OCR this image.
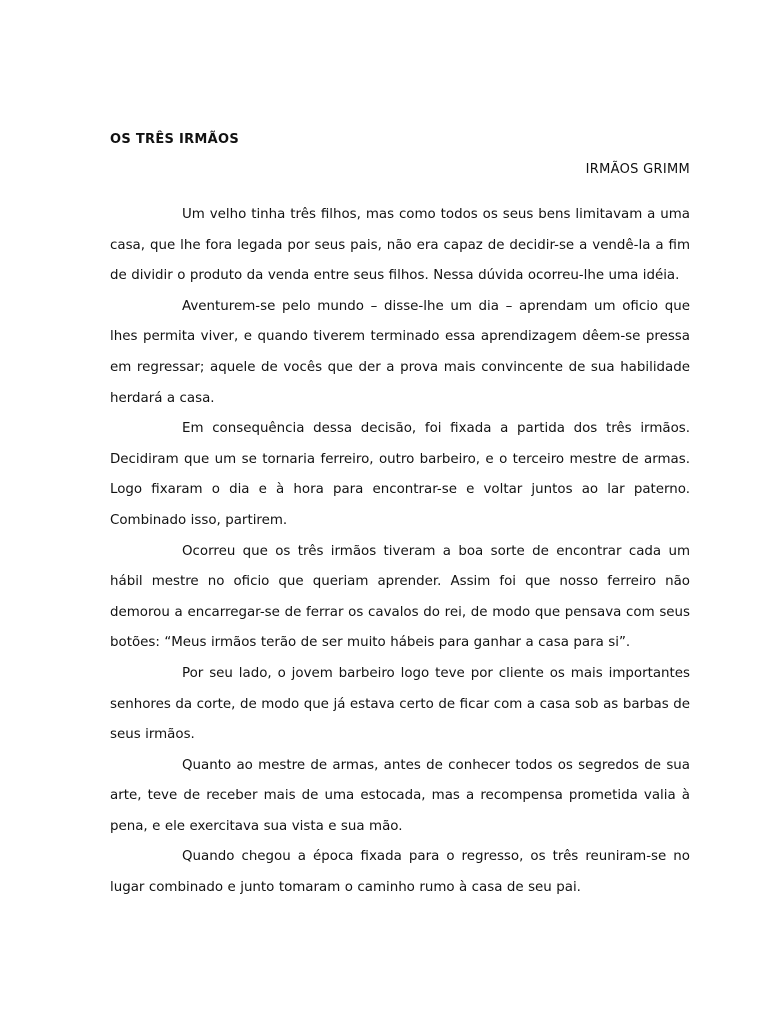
OS TRÊS IRMÃOS
IRMÃOS GRIMM

Um velho tinha três filhos, mas como todos os seus bens limitavam a uma casa, que lhe fora legada por seus pais, não era capaz de decidir-se a vendê-la a fim de dividir o produto da venda entre seus filhos. Nessa dúvida ocorreu-lhe uma idéia.

Aventurem-se pelo mundo – disse-lhe um dia – aprendam um oficio que lhes permita viver, e quando tiverem terminado essa aprendizagem dêem-se pressa em regressar; aquele de vocês que der a prova mais convincente de sua habilidade herdará a casa.

Em consequência dessa decisão, foi fixada a partida dos três irmãos. Decidiram que um se tornaria ferreiro, outro barbeiro, e o terceiro mestre de armas. Logo fixaram o dia e à hora para encontrar-se e voltar juntos ao lar paterno. Combinado isso, partirem.

Ocorreu que os três irmãos tiveram a boa sorte de encontrar cada um hábil mestre no oficio que queriam aprender. Assim foi que nosso ferreiro não demorou a encarregar-se de ferrar os cavalos do rei, de modo que pensava com seus botões: “Meus irmãos terão de ser muito hábeis para ganhar a casa para si”.

Por seu lado, o jovem barbeiro logo teve por cliente os mais importantes senhores da corte, de modo que já estava certo de ficar com a casa sob as barbas de seus irmãos.

Quanto ao mestre de armas, antes de conhecer todos os segredos de sua arte, teve de receber mais de uma estocada, mas a recompensa prometida valia à pena, e ele exercitava sua vista e sua mão.

Quando chegou a época fixada para o regresso, os três reuniram-se no lugar combinado e junto tomaram o caminho rumo à casa de seu pai.
